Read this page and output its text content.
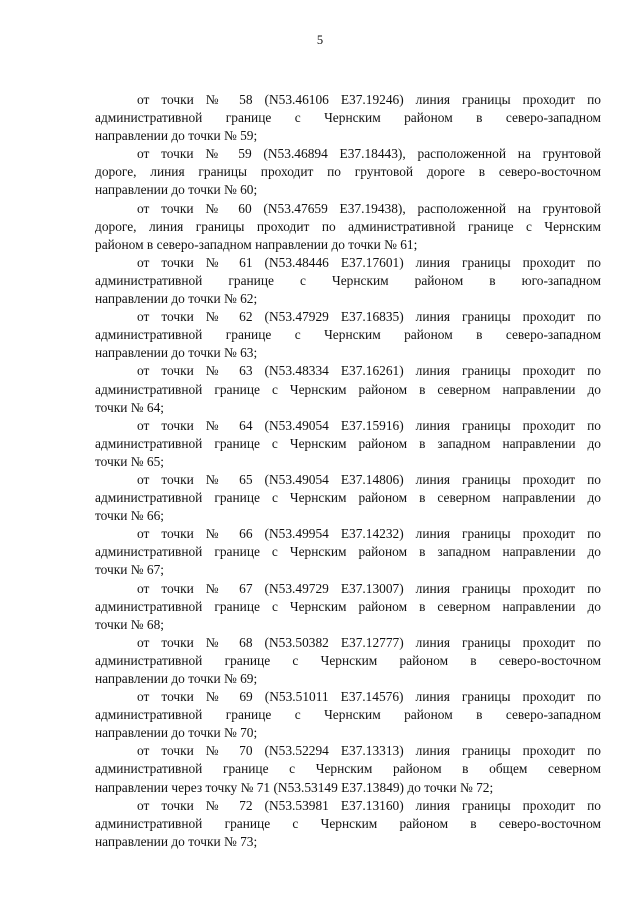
5

от точки № 58 (N53.46106 Е37.19246) линия границы проходит по
административной границе с Чернским районом в северо-западном
направлении до точки № 59;

от точки № 59 (N53.46894 Е37.18443), расположенной на грунтовой
дороге, линия границы проходит по грунтовой дороге в северо-восточном
направлении до точки № 60;

от точки № 60 (N53.47659 Е37.19438), расположенной на грунтовой
дороге, линия границы проходит по административной границе с Чернским
районом в северо-западном направлении до точки № 61;

от точки № 61 (N53.48446 Е37.17601) линия границы проходит по
административной границе с Чернским районом в юго-западном
направлении до точки № 62;

от точки № 62 (N53.47929 Е37.16835) линия границы проходит по
административной границе с Чернским районом в северо-западном
направлении до точки № 63;

от точки № 63 (N53.48334 Е37.16261) линия границы проходит по
административной границе с Чернским районом в северном направлении до
точки № 64;

от точки № 64 (N53.49054 Е37.15916) линия границы проходит по
административной границе с Чернским районом в западном направлении до
точки № 65;

от точки № 65 (N53.49054 Е37.14806) линия границы проходит по
административной границе с Чернским районом в северном направлении до
точки № 66;

от точки № 66 (N53.49954 Е37.14232) линия границы проходит по
административной границе с Чернским районом в западном направлении до
точки № 67;

от точки № 67 (N53.49729 Е37.13007) линия границы проходит по
административной границе с Чернским районом в северном направлении до
точки № 68;

от точки № 68 (N53.50382 Е37.12777) линия границы проходит по
административной границе с Чернским районом в северо-восточном
направлении до точки № 69;

от точки № 69 (N53.51011 Е37.14576) линия границы проходит по
административной границе с Чернским районом в северо-западном
направлении до точки № 70;

от точки № 70 (N53.52294 Е37.13313) линия границы проходит по
административной границе с Чернским районом в общем северном
направлении через точку № 71 (N53.53149 Е37.13849) до точки № 72;

от точки № 72 (N53.53981 Е37.13160) линия границы проходит по
административной границе с Чернским районом в северо-восточном
направлении до точки № 73;
